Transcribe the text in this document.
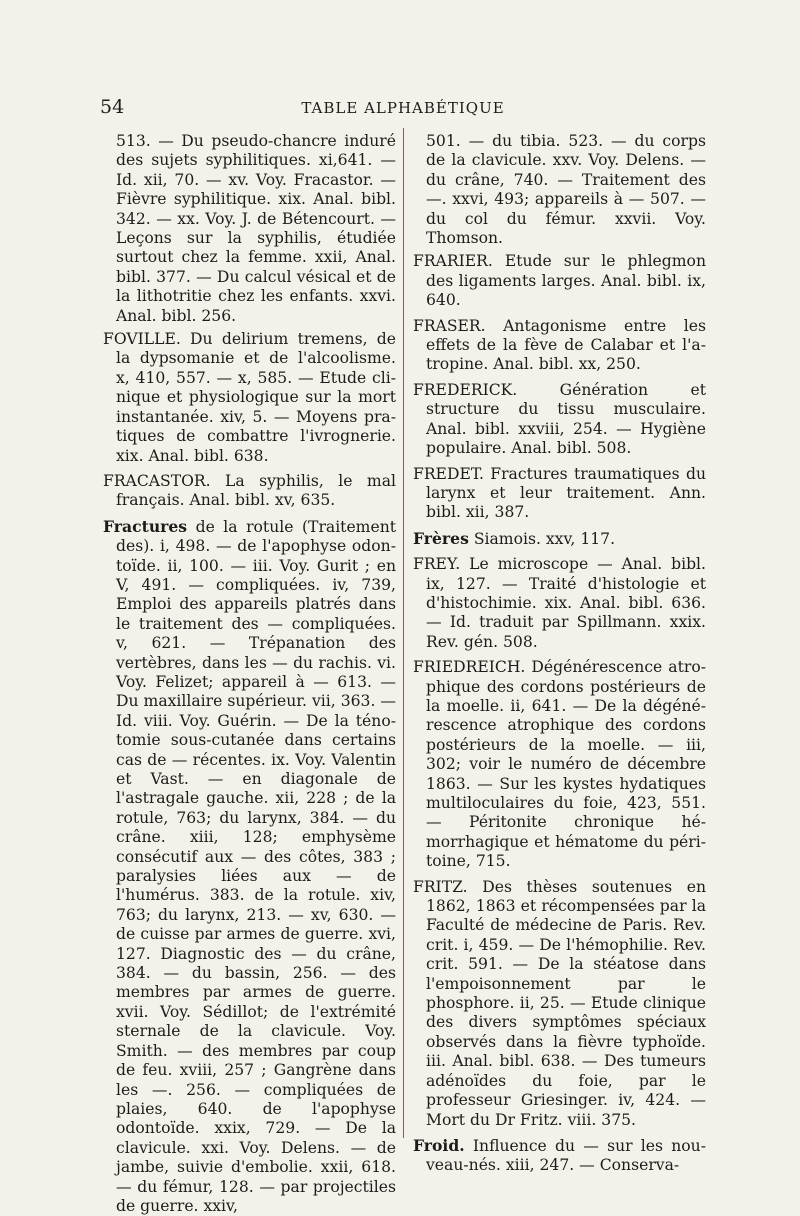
54	TABLE ALPHABÉTIQUE

513. — Du pseudo-chancre induré des sujets syphilitiques. xi,641. — Id. xii, 70. — xv. Voy. Fracastor. — Fièvre syphilitique. xix. Anal. bibl. 342. — xx. Voy. J. de Bétencourt. — Leçons sur la syphilis, étudiée surtout chez la femme. xxii, Anal. bibl. 377. — Du calcul vésical et de la lithotritie chez les enfants. xxvi. Anal. bibl. 256.

FOVILLE. Du delirium tremens, de la dypsomanie et de l'alcoolisme. x, 410, 557. — x, 585. — Etude clinique et physiologique sur la mort instantanée. xiv, 5. — Moyens pratiques de combattre l'ivrognerie. xix. Anal. bibl. 638.

FRACASTOR. La syphilis, le mal français. Anal. bibl. xv, 635.

Fractures de la rotule (Traitement des). i, 498. — de l'apophyse odontoïde. ii, 100. — iii. Voy. Gurit ; en V, 491. — compliquées. iv, 739, Emploi des appareils platrés dans le traitement des — compliquées. v, 621. — Trépanation des vertèbres, dans les — du rachis. vi. Voy. Felizet; appareil à — 613. — Du maxillaire supérieur. vii, 363. — Id. viii. Voy. Guérin. — De la ténotomie sous-cutanée dans certains cas de — récentes. ix. Voy. Valentin et Vast. — en diagonale de l'astragale gauche. xii, 228 ; de la rotule, 763; du larynx, 384. — du crâne. xiii, 128; emphysème consécutif aux — des côtes, 383 ; paralysies liées aux — de l'humérus. 383. de la rotule. xiv, 763; du larynx, 213. — xv, 630. — de cuisse par armes de guerre. xvi, 127. Diagnostic des — du crâne, 384. — du bassin, 256. — des membres par armes de guerre. xvii. Voy. Sédillot; de l'extrémité sternale de la clavicule. Voy. Smith. — des membres par coup de feu. xviii, 257 ; Gangrène dans les —. 256. — compliquées de plaies, 640. de l'apophyse odontoïde. xxix, 729. — De la clavicule. xxi. Voy. Delens. — de jambe, suivie d'embolie. xxii, 618. — du fémur, 128. — par projectiles de guerre. xxiv,

501. — du tibia. 523. — du corps de la clavicule. xxv. Voy. Delens. — du crâne, 740. — Traitement des —. xxvi, 493; appareils à — 507. — du col du fémur. xxvii. Voy. Thomson.

FRARIER. Etude sur le phlegmon des ligaments larges. Anal. bibl. ix, 640.

FRASER. Antagonisme entre les effets de la fève de Calabar et l'atropine. Anal. bibl. xx, 250.

FREDERICK. Génération et structure du tissu musculaire. Anal. bibl. xxviii, 254. — Hygiène populaire. Anal. bibl. 508.

FREDET. Fractures traumatiques du larynx et leur traitement. Ann. bibl. xii, 387.

Frères Siamois. xxv, 117.

FREY. Le microscope — Anal. bibl. ix, 127. — Traité d'histologie et d'histochimie. xix. Anal. bibl. 636. — Id. traduit par Spillmann. xxix. Rev. gén. 508.

FRIEDREICH. Dégénérescence atrophique des cordons postérieurs de la moelle. ii, 641. — De la dégénérescence atrophique des cordons postérieurs de la moelle. — iii, 302; voir le numéro de décembre 1863. — Sur les kystes hydatiques multiloculaires du foie, 423, 551. — Péritonite chronique hémorrhagique et hématome du péritoine, 715.

FRITZ. Des thèses soutenues en 1862, 1863 et récompensées par la Faculté de médecine de Paris. Rev. crit. i, 459. — De l'hémophilie. Rev. crit. 591. — De la stéatose dans l'empoisonnement par le phosphore. ii, 25. — Etude clinique des divers symptômes spéciaux observés dans la fièvre typhoïde. iii. Anal. bibl. 638. — Des tumeurs adénoïdes du foie, par le professeur Griesinger. iv, 424. — Mort du Dr Fritz. viii. 375.

Froid. Influence du — sur les nouveau-nés. xiii, 247. — Conserva-
